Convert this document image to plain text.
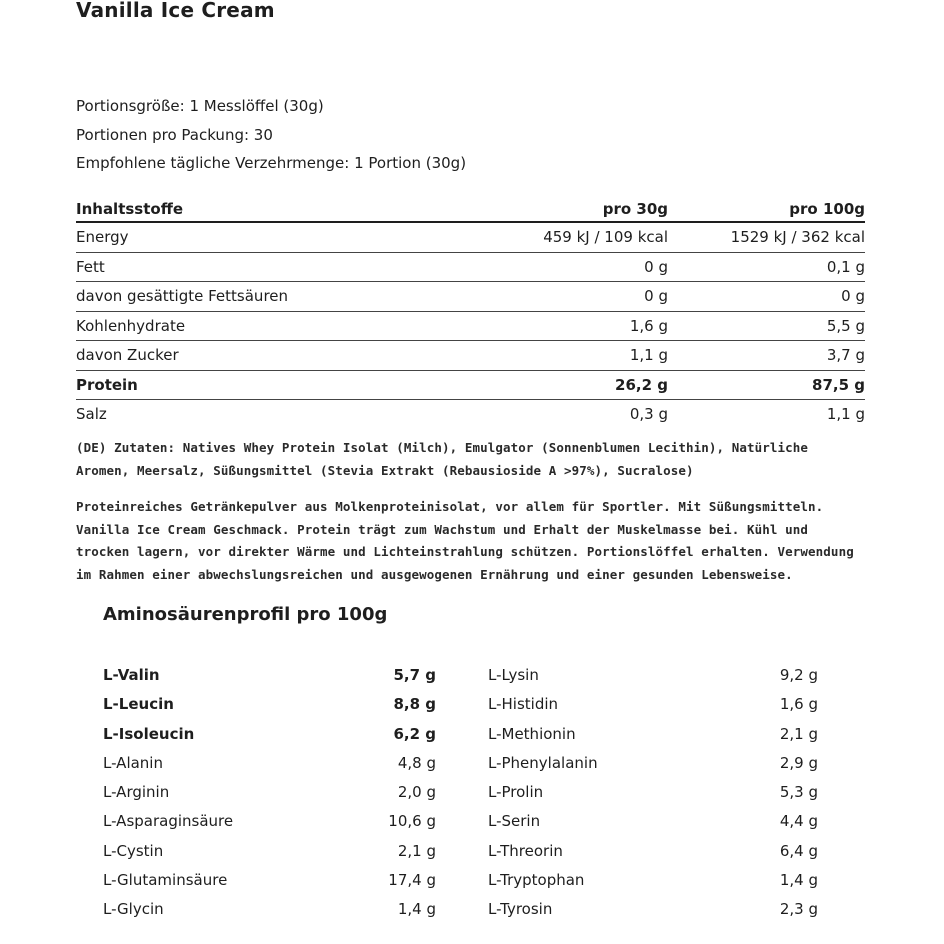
Vanilla Ice Cream
Portionsgröße: 1 Messlöffel (30g)
Portionen pro Packung: 30
Empfohlene tägliche Verzehrmenge: 1 Portion (30g)
Inhaltsstoffe	pro 30g	pro 100g
Energy	459 kJ / 109 kcal	1529 kJ / 362 kcal
Fett	0 g	0,1 g
davon gesättigte Fettsäuren	0 g	0 g
Kohlenhydrate	1,6 g	5,5 g
davon Zucker	1,1 g	3,7 g
Protein	26,2 g	87,5 g
Salz	0,3 g	1,1 g
(DE) Zutaten: Natives Whey Protein Isolat (Milch), Emulgator (Sonnenblumen Lecithin), Natürliche
Aromen, Meersalz, Süßungsmittel (Stevia Extrakt (Rebausioside A >97%), Sucralose)
Proteinreiches Getränkepulver aus Molkenproteinisolat, vor allem für Sportler. Mit Süßungsmitteln.
Vanilla Ice Cream Geschmack. Protein trägt zum Wachstum und Erhalt der Muskelmasse bei. Kühl und
trocken lagern, vor direkter Wärme und Lichteinstrahlung schützen. Portionslöffel erhalten. Verwendung
im Rahmen einer abwechslungsreichen und ausgewogenen Ernährung und einer gesunden Lebensweise.
Aminosäurenprofil pro 100g
L-Valin	5,7 g
L-Leucin	8,8 g
L-Isoleucin	6,2 g
L-Alanin	4,8 g
L-Arginin	2,0 g
L-Asparaginsäure	10,6 g
L-Cystin	2,1 g
L-Glutaminsäure	17,4 g
L-Glycin	1,4 g
L-Lysin	9,2 g
L-Histidin	1,6 g
L-Methionin	2,1 g
L-Phenylalanin	2,9 g
L-Prolin	5,3 g
L-Serin	4,4 g
L-Threorin	6,4 g
L-Tryptophan	1,4 g
L-Tyrosin	2,3 g
